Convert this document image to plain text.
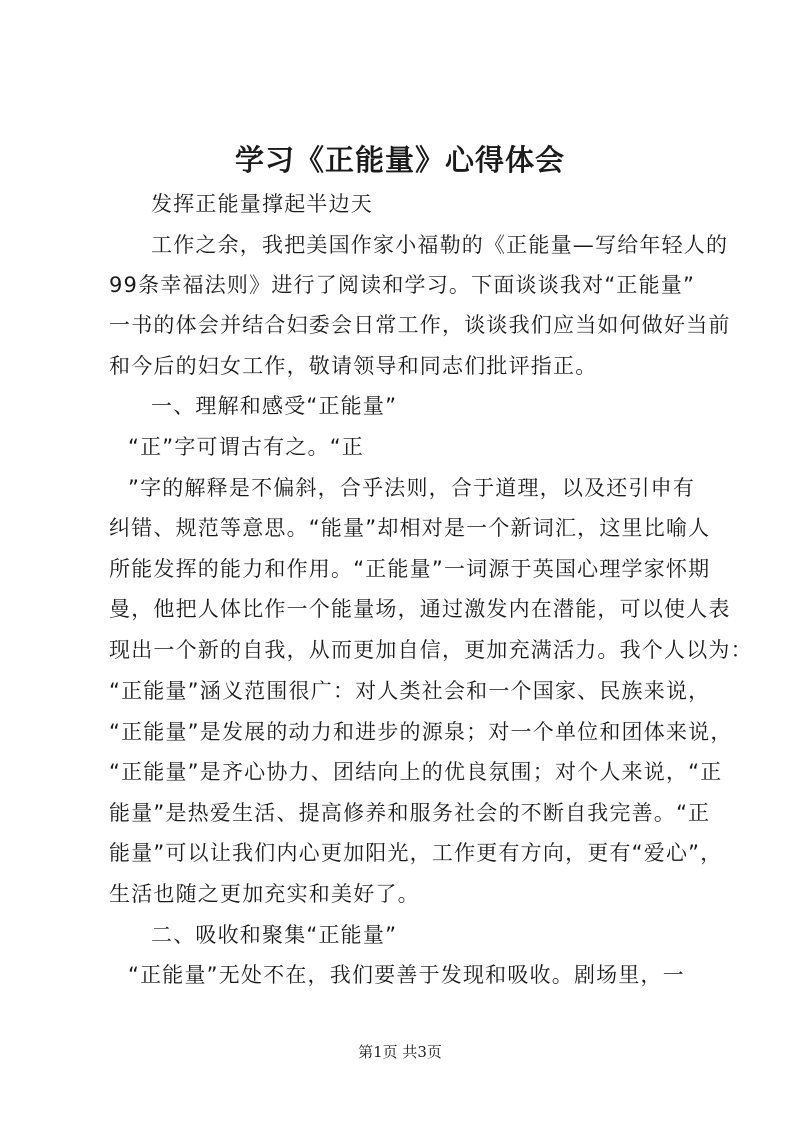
学习《正能量》心得体会
发挥正能量撑起半边天
工作之余，我把美国作家小福勒的《正能量—写给年轻人的
99条幸福法则》进行了阅读和学习。下面谈谈我对“正能量”
一书的体会并结合妇委会日常工作，谈谈我们应当如何做好当前
和今后的妇女工作，敬请领导和同志们批评指正。
一、理解和感受“正能量”
“正”字可谓古有之。“正
”字的解释是不偏斜，合乎法则，合于道理，以及还引申有
纠错、规范等意思。“能量”却相对是一个新词汇，这里比喻人
所能发挥的能力和作用。“正能量”一词源于英国心理学家怀期
曼，他把人体比作一个能量场，通过激发内在潜能，可以使人表
现出一个新的自我，从而更加自信，更加充满活力。我个人以为：
“正能量”涵义范围很广：对人类社会和一个国家、民族来说，
“正能量”是发展的动力和进步的源泉；对一个单位和团体来说，
“正能量”是齐心协力、团结向上的优良氛围；对个人来说，“正
能量”是热爱生活、提高修养和服务社会的不断自我完善。“正
能量”可以让我们内心更加阳光，工作更有方向，更有“爱心”，
生活也随之更加充实和美好了。
二、吸收和聚集“正能量”
“正能量”无处不在，我们要善于发现和吸收。剧场里，一
第1页 共3页
